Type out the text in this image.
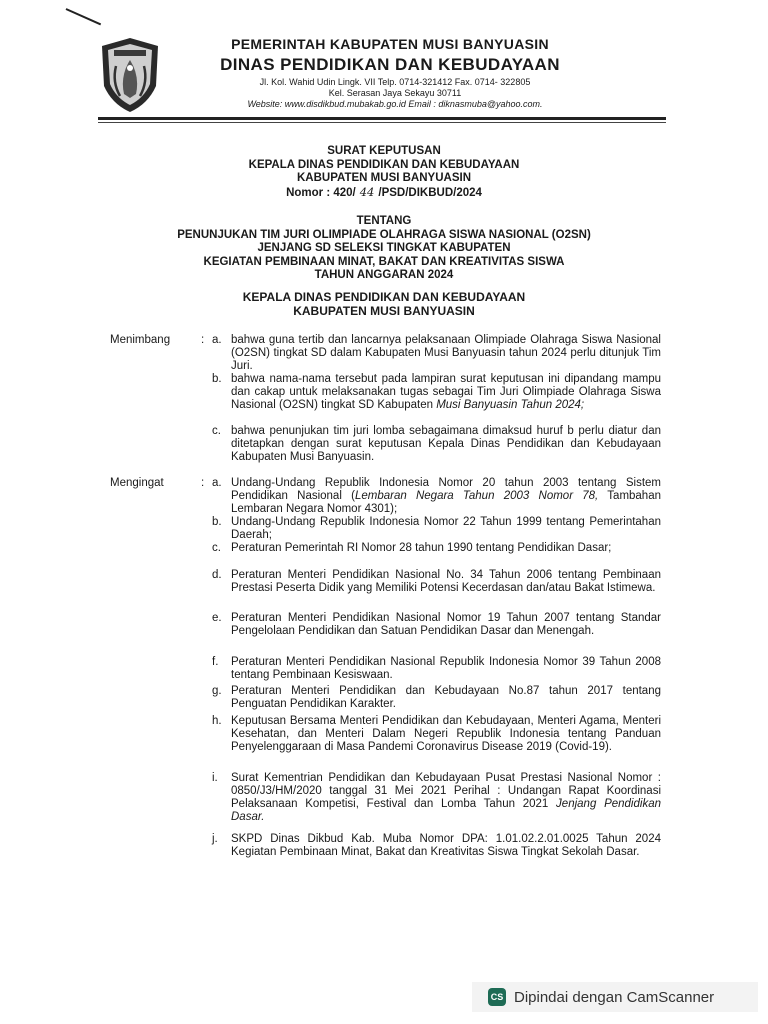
PEMERINTAH KABUPATEN MUSI BANYUASIN
DINAS PENDIDIKAN DAN KEBUDAYAAN
Jl. Kol. Wahid Udin Lingk. VII Telp. 0714-321412 Fax. 0714- 322805
Kel. Serasan Jaya Sekayu 30711
Website: www.disdikbud.mubakab.go.id Email : diknasmuba@yahoo.com.
SURAT KEPUTUSAN
KEPALA DINAS PENDIDIKAN DAN KEBUDAYAAN
KABUPATEN MUSI BANYUASIN
Nomor : 420/ 44 /PSD/DIKBUD/2024
TENTANG
PENUNJUKAN TIM JURI OLIMPIADE OLAHRAGA SISWA NASIONAL (O2SN)
JENJANG SD SELEKSI TINGKAT KABUPATEN
KEGIATAN PEMBINAAN MINAT, BAKAT DAN KREATIVITAS SISWA
TAHUN ANGGARAN 2024
KEPALA DINAS PENDIDIKAN DAN KEBUDAYAAN
KABUPATEN MUSI BANYUASIN
Menimbang	: a. bahwa guna tertib dan lancarnya pelaksanaan Olimpiade Olahraga Siswa Nasional (O2SN) tingkat SD dalam Kabupaten Musi Banyuasin tahun 2024 perlu ditunjuk Tim Juri.
b. bahwa nama-nama tersebut pada lampiran surat keputusan ini dipandang mampu dan cakap untuk melaksanakan tugas sebagai Tim Juri Olimpiade Olahraga Siswa Nasional (O2SN) tingkat SD Kabupaten Musi Banyuasin Tahun 2024;
c. bahwa penunjukan tim juri lomba sebagaimana dimaksud huruf b perlu diatur dan ditetapkan dengan surat keputusan Kepala Dinas Pendidikan dan Kebudayaan Kabupaten Musi Banyuasin.
Mengingat	: a. Undang-Undang Republik Indonesia Nomor 20 tahun 2003 tentang Sistem Pendidikan Nasional (Lembaran Negara Tahun 2003 Nomor 78, Tambahan Lembaran Negara Nomor 4301);
b. Undang-Undang Republik Indonesia Nomor 22 Tahun 1999 tentang Pemerintahan Daerah;
c. Peraturan Pemerintah RI Nomor 28 tahun 1990 tentang Pendidikan Dasar;
d. Peraturan Menteri Pendidikan Nasional No. 34 Tahun 2006 tentang Pembinaan Prestasi Peserta Didik yang Memiliki Potensi Kecerdasan dan/atau Bakat Istimewa.
e. Peraturan Menteri Pendidikan Nasional Nomor 19 Tahun 2007 tentang Standar Pengelolaan Pendidikan dan Satuan Pendidikan Dasar dan Menengah.
f. Peraturan Menteri Pendidikan Nasional Republik Indonesia Nomor 39 Tahun 2008 tentang Pembinaan Kesiswaan.
g. Peraturan Menteri Pendidikan dan Kebudayaan No.87 tahun 2017 tentang Penguatan Pendidikan Karakter.
h. Keputusan Bersama Menteri Pendidikan dan Kebudayaan, Menteri Agama, Menteri Kesehatan, dan Menteri Dalam Negeri Republik Indonesia tentang Panduan Penyelenggaraan di Masa Pandemi Coronavirus Disease 2019 (Covid-19).
i. Surat Kementrian Pendidikan dan Kebudayaan Pusat Prestasi Nasional Nomor : 0850/J3/HM/2020 tanggal 31 Mei 2021 Perihal : Undangan Rapat Koordinasi Pelaksanaan Kompetisi, Festival dan Lomba Tahun 2021 Jenjang Pendidikan Dasar.
j. SKPD Dinas Dikbud Kab. Muba Nomor DPA: 1.01.02.2.01.0025 Tahun 2024 Kegiatan Pembinaan Minat, Bakat dan Kreativitas Siswa Tingkat Sekolah Dasar.
CS Dipindai dengan CamScanner
